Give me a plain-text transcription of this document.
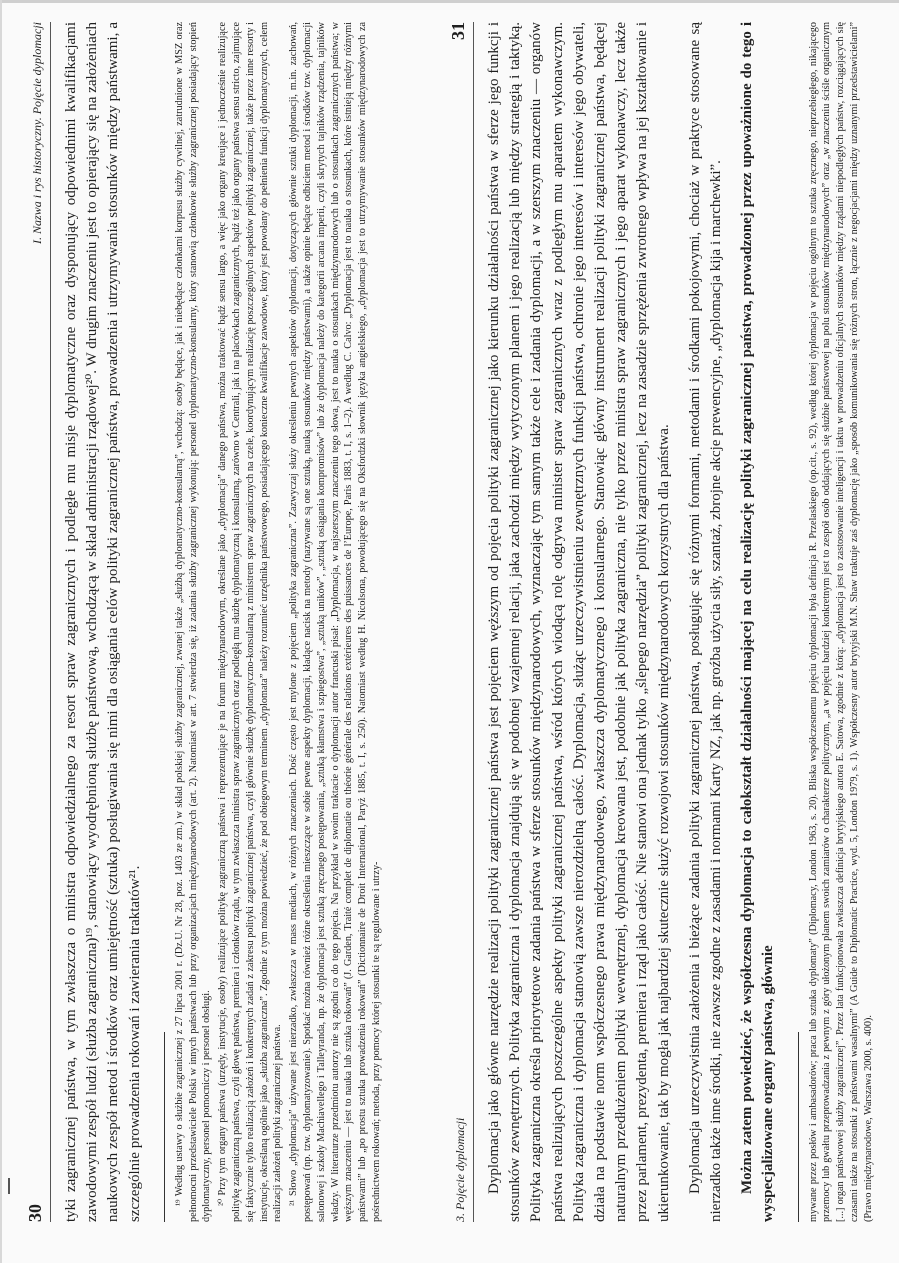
30
I. Nazwa i rys historyczny. Pojęcie dyplomacji tyki zagranicznej państwa, w tym zwłaszcza o ministra odpowiedzialnego za resort spraw zagranicznych i podległe mu misje dyplomatyczne oraz dysponujący odpowiednimi kwalifikacjami zawodowymi zespół ludzi (służba zagraniczna)¹⁹, stanowiący wyodrębnioną służbę państwową, wchodzącą w skład administracji rządowej²⁰. W drugim znaczeniu jest to opierający się na założeniach naukowych zespół metod i środków oraz umiejętność (sztuka) posługiwania się nimi dla osiągania celów polityki zagranicznej państwa, prowadzenia i utrzymywania stosunków między państwami, a szczególnie prowadzenia rokowań i zawierania traktatów²¹.	¹⁹ Według ustawy o służbie zagranicznej z 27 lipca 2001 r. (Dz.U. Nr 28, poz. 1403 ze zm.) w skład polskiej służby zagranicznej, zwanej także „służbą dyplomatyczno-konsularną”, wchodzą: osoby będące, jak i niebędące członkami korpusu służby cywilnej, zatrudnione w MSZ oraz pełnomocni przedstawiciele Polski w innych państwach lub przy organizacjach międzynarodowych (art. 2). Natomiast w art. 7 stwierdza się, iż zadania służby zagranicznej wykonują: personel dyplomatyczno-konsularny, który stanowią członkowie służby zagranicznej posiadający stopień dyplomatyczny, personel pomocniczy i personel obsługi. ²⁰ Przy tym organy państwa (urzędy, instytucje, osoby) realizujące politykę zagraniczną państwa i reprezentujące je na forum międzynarodowym, określane jako „dyplomacja” danego państwa, można traktować bądź sensu largo, a więc jako organy kreujące i jednocześnie realizujące politykę zagraniczną państwa, czyli głowę państwa, premiera i członków rządu, w tym zwłaszcza ministra spraw zagranicznych oraz podległą mu służbę dyplomatyczną i konsularną, zarówno w Centrali, jak i na placówkach zagranicznych, bądź też jako organy państwa sensu stricto, zajmujące się faktycznie tylko realizacją założeń i konkretnych zadań z zakresu polityki zagranicznej państwa, czyli głównie służbę dyplomatyczno-konsularną z ministrem spraw zagranicznych na czele, koordynującym realizację poszczególnych aspektów polityki zagranicznej, także przez inne resorty i instytucje, określaną ogólnie jako „służba zagraniczna”. Zgodnie z tym można powiedzieć, że pod obiegowym terminem „dyplomata” należy rozumieć urzędnika państwowego, posiadającego konieczne kwalifikacje zawodowe, który jest powołany do pełnienia funkcji dyplomatycznych, celem realizacji założeń polityki zagranicznej państwa. ²¹ Słowo „dyplomacja” używane jest nierzadko, zwłaszcza w mass mediach, w różnych znaczeniach. Dość często jest mylone z pojęciem „polityka zagraniczna”. Zazwyczaj służy określeniu pewnych aspektów dyplomacji, dotyczących głównie sztuki dyplomacji, m.in. zachowań, postępowań (np. tzw. dyplomatyzowanie). Spotkać można również różne określenia mieszczące w sobie pewne aspekty dyplomacji, kładące nacisk na metody (nazywane są one sztuką, nauką stosunków między państwami), a także opinie będące odbiciem metod i środków tzw. dyplomacji salonowej i szkoły Machiavellego i Talleyranda, np. że dyplomacja jest sztuką zręcznego postępowania, „sztuką kłamstwa i szpiegostwa”, „sztuką uników”, „sztuką osiągania kompromisów” lub że dyplomacja należy do kategorii arcana imperii, czyli skrytych tajników rządzenia, tajników władzy. W literaturze przedmiotu autorzy nie są zgodni co do tego pojęcia. Na przykład w swoim traktacie o dyplomacji autor francuski pisał: „Dyplomacja, w najszerszym znaczeniu tego słowa, jest to nauka o stosunkach międzynarodowych lub o stosunkach zagranicznych państwa; w węższym znaczeniu — jest to nauka lub sztuka rokowań” (J. Garden, Traité complet de diplomatie ou théorie générale des relations extérieures des puissances de l’Europe, Paris 1883, t. I, s. 1–2). A według C. Calvo: „Dyplomacja jest to nauka o stosunkach, które istnieją między różnymi państwami” lub „po prostu sztuka prowadzenia rokowań” (Dictionnaire de Droit International, Paryż 1885, t. I, s. 250). Natomiast według H. Nicolsona, powołującego się na Oksfordzki słownik języka angielskiego, „dyplomacja jest to utrzymywanie stosunków międzynarodowych za pośrednictwem rokowań; metoda, przy pomocy której stosunki te są regulowane i utrzy-	3. Pojęcie dyplomacji
31 Dyplomacja jako główne narzędzie realizacji polityki zagranicznej państwa jest pojęciem węższym od pojęcia polityki zagranicznej jako kierunku działalności państwa w sferze jego funkcji i stosunków zewnętrznych. Polityka zagraniczna i dyplomacja znajdują się w podobnej wzajemnej relacji, jaka zachodzi między wytyczonym planem i jego realizacją lub między strategią i taktyką. Polityka zagraniczna określa priorytetowe zadania państwa w sferze stosunków międzynarodowych, wyznaczając tym samym także cele i zadania dyplomacji, a w szerszym znaczeniu — organów państwa realizujących poszczególne aspekty polityki zagranicznej państwa, wśród których wiodącą rolę odgrywa minister spraw zagranicznych wraz z podległym mu aparatem wykonawczym. Polityka zagraniczna i dyplomacja stanowią zawsze nierozdzielną całość. Dyplomacja, służąc urzeczywistnieniu zewnętrznych funkcji państwa, ochronie jego interesów i interesów jego obywateli, działa na podstawie norm współczesnego prawa międzynarodowego, zwłaszcza dyplomatycznego i konsularnego. Stanowiąc główny instrument realizacji polityki zagranicznej państwa, będącej naturalnym przedłużeniem polityki wewnętrznej, dyplomacja kreowana jest, podobnie jak polityka zagraniczna, nie tylko przez ministra spraw zagranicznych i jego aparat wykonawczy, lecz także przez parlament, prezydenta, premiera i rząd jako całość. Nie stanowi ona jednak tylko „ślepego narzędzia” polityki zagranicznej, lecz na zasadzie sprzężenia zwrotnego wpływa na jej kształtowanie i ukierunkowanie, tak by mogła jak najbardziej skutecznie służyć rozwojowi stosunków międzynarodowych korzystnych dla państwa. Dyplomacja urzeczywistnia założenia i bieżące zadania polityki zagranicznej państwa, posługując się różnymi formami, metodami i środkami pokojowymi, chociaż w praktyce stosowane są nierzadko także inne środki, nie zawsze zgodne z zasadami i normami Karty NZ, jak np. groźba użycia siły, szantaż, zbrojne akcje prewencyjne, „dyplomacja kija i marchewki”. Można zatem powiedzieć, że współczesna dyplomacja to całokształt działalności mającej na celu realizację polityki zagranicznej państwa, prowadzonej przez upoważnione do tego i wyspecjalizowane organy państwa, głównie	mywane przez posłów i ambasadorów; praca lub sztuka dyplomaty” (Diplomacy, London 1963, s. 20). Bliska współczesnemu pojęciu dyplomacji była definicja R. Przelaskiego (op.cit., s. 92), według której dyplomacja w pojęciu ogólnym to sztuka zręcznego, nieprzebiegłego, nikającego przemocy lub gwałtu przeprowadzania z pewnym z góry ułożonym planem swoich zamiarów o charakterze politycznym, „a w pojęciu bardziej konkretnym jest to zespół osób oddających się służbie państwowej na polu stosunków międzynarodowych” oraz „w znaczeniu ściśle organicznym [...] organ państwowej służby zagranicznej”. Przez lata funkcjonowała zwłaszcza definicja brytyjskiego autora E. Satowa, zgodnie z którą: „dyplomacja jest to zastosowanie inteligencji i taktu w prowadzeniu oficjalnych stosunków między rządami niepodległych państw, rozciągających się czasami także na stosunki z państwami wasalnymi” (A Guide to Diplomatic Practice, wyd. 5, London 1979, s. 1). Współczesny autor brytyjski M.N. Shaw traktuje zaś dyplomację jako „sposób komunikowania się różnych stron, łącznie z negocjacjami między uznanymi przedstawicielami” (Prawo międzynarodowe, Warszawa 2000, s. 400).
